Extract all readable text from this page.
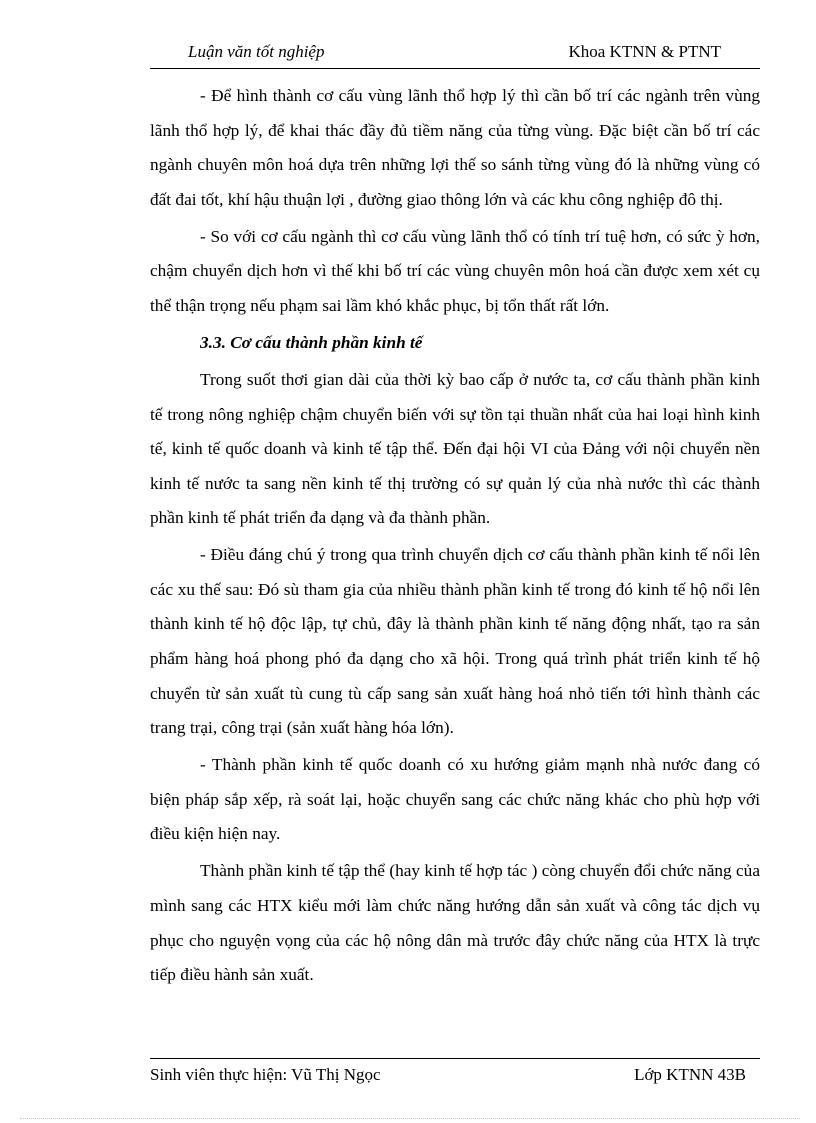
Luận văn tốt nghiệp	Khoa KTNN & PTNT

- Để hình thành cơ cấu vùng lãnh thổ hợp lý thì cần bố trí các ngành trên vùng lãnh thổ hợp lý, để khai thác đầy đủ tiềm năng của từng vùng. Đặc biệt cần bố trí các ngành chuyên môn hoá dựa trên những lợi thế so sánh từng vùng đó là những vùng có đất đai tốt, khí hậu thuận lợi , đường giao thông lớn và các khu công nghiệp đô thị.

- So với cơ cấu ngành thì cơ cấu vùng lãnh thổ có tính trí tuệ hơn, có sức ỳ hơn, chậm chuyển dịch hơn vì thế khi bố trí các vùng chuyên môn hoá cần được xem xét cụ thể thận trọng nếu phạm sai lầm khó khắc phục, bị tổn thất rất lớn.

3.3. Cơ cấu thành phần kinh tế

Trong suốt thơi gian dài của thời kỳ bao cấp ở nước ta, cơ cấu thành phần kinh tế trong nông nghiệp chậm chuyển biến với sự tồn tại thuần nhất của hai loại hình kinh tế, kinh tế quốc doanh và kinh tế tập thể. Đến đại hội VI của Đảng với nội chuyển nền kinh tế nước ta sang nền kinh tế thị trường có sự quản lý của nhà nước thì các thành phần kinh tế phát triển đa dạng và đa thành phần.

- Điều đáng chú ý trong qua trình chuyển dịch cơ cấu thành phần kinh tế nổi lên các xu thế sau: Đó sù tham gia của nhiều thành phần kinh tế trong đó kinh tế hộ nổi lên thành kinh tế hộ độc lập, tự chủ, đây là thành phần kinh tế năng động nhất, tạo ra sản phẩm hàng hoá phong phó đa dạng cho xã hội. Trong quá trình phát triển kinh tế hộ chuyển từ sản xuất tù cung tù cấp sang sản xuất hàng hoá nhỏ tiến tới hình thành các trang trại, công trại (sản xuất hàng hóa lớn).

- Thành phần kinh tế quốc doanh có xu hướng giảm mạnh nhà nước đang có biện pháp sắp xếp, rà soát lại, hoặc chuyển sang các chức năng khác cho phù hợp với điều kiện hiện nay.

Thành phần kinh tế tập thể (hay kinh tế hợp tác ) còng chuyển đổi chức năng của mình sang các HTX kiểu mới làm chức năng hướng dẫn sản xuất và công tác dịch vụ phục cho nguyện vọng của các hộ nông dân mà trước đây chức năng của HTX là trực tiếp điều hành sản xuất.

Sinh viên thực hiện: Vũ Thị Ngọc	Lớp KTNN 43B
